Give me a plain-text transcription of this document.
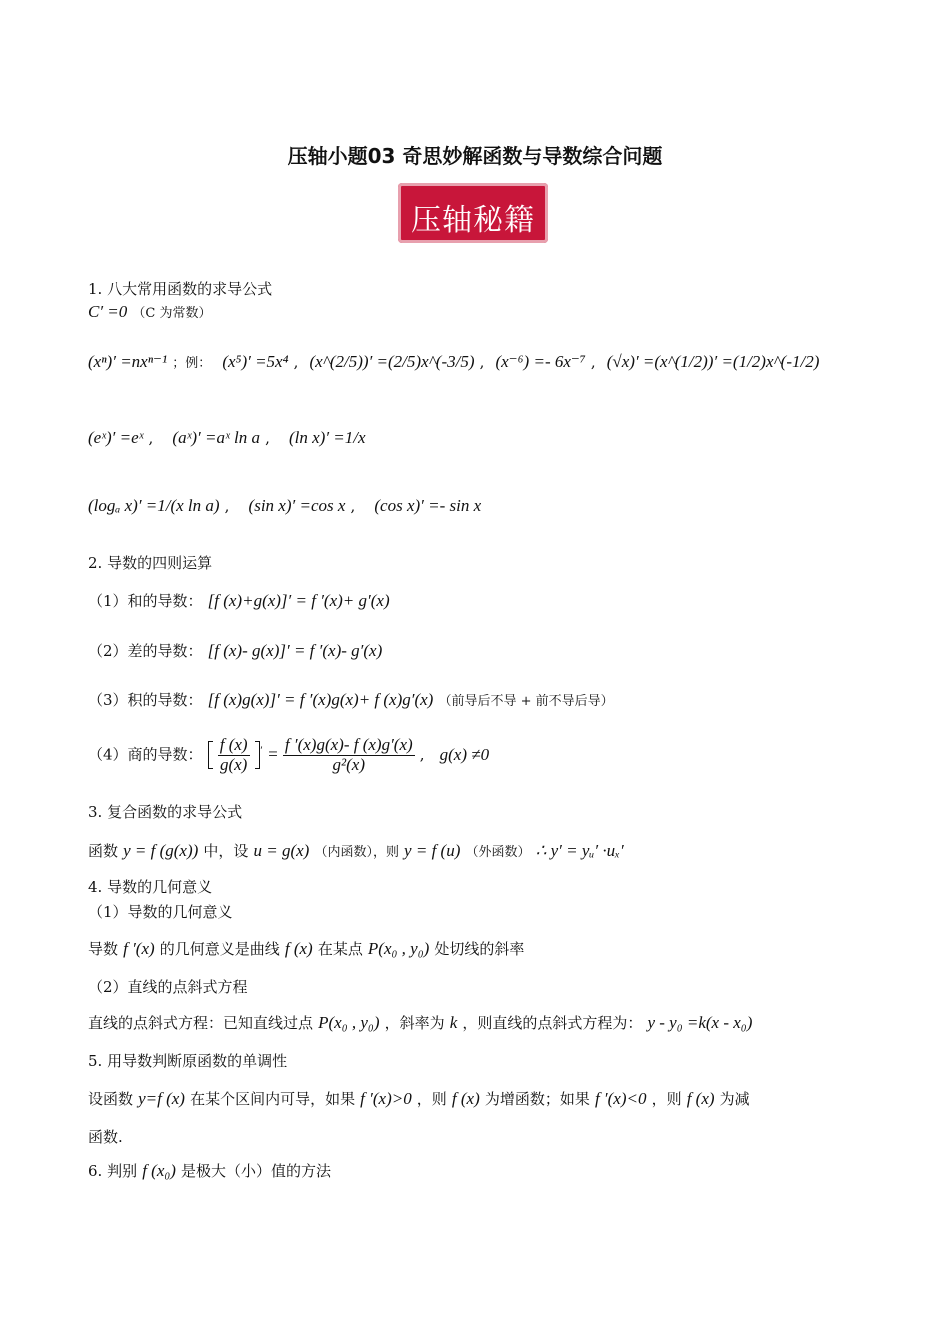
压轴小题03 奇思妙解函数与导数综合问题
压轴秘籍
1. 八大常用函数的求导公式
C′ =0 （C 为常数）
(xⁿ)′ =nxⁿ⁻¹ ；例： (x⁵)′ =5x⁴ , (x^(2/5))′ =(2/5)x^(-3/5) , (x⁻⁶) =- 6x⁻⁷ , (√x)′ =(x^(1/2))′ =(1/2)x^(-1/2)
(eˣ)′ =eˣ , (aˣ)′ =aˣ ln a , (ln x)′ =1/x
(logₐ x)′ =1/(x ln a) , (sin x)′ =cos x , (cos x)′ =- sin x
2. 导数的四则运算
（1）和的导数： [f (x)+g(x)]′ = f ′(x)+ g′(x)
（2）差的导数： [f (x)- g(x)]′ = f ′(x)- g′(x)
（3）积的导数： [f (x)g(x)]′ = f ′(x)g(x)+ f (x)g′(x) （前导后不导 + 前不导后导）
（4）商的导数： $\frac{f (x)}{g(x)} ' = \frac{f '(x)g(x)- f (x)g'(x)}{\text{g²(x)}}$ , g(x) ≠0
3. 复合函数的求导公式
函数 y = f (g(x)) 中，设 u = g(x) （内函数），则 y = f (u) （外函数） ∴ y′ = yᵤ′ ·uₓ′
4. 导数的几何意义
（1）导数的几何意义
导数 f ′(x) 的几何意义是曲线 f (x) 在某点 P(x₀ , y₀) 处切线的斜率
（2）直线的点斜式方程
直线的点斜式方程：已知直线过点 P(x₀ , y₀) ，斜率为 k ，则直线的点斜式方程为： y - y₀ =k(x - x₀)
5. 用导数判断原函数的单调性
设函数 y=f (x) 在某个区间内可导，如果 f ′(x)>0 ，则 f (x) 为增函数；如果 f ′(x)<0 ，则 f (x) 为减
函数.
6. 判别 f (x₀) 是极大（小）值的方法
